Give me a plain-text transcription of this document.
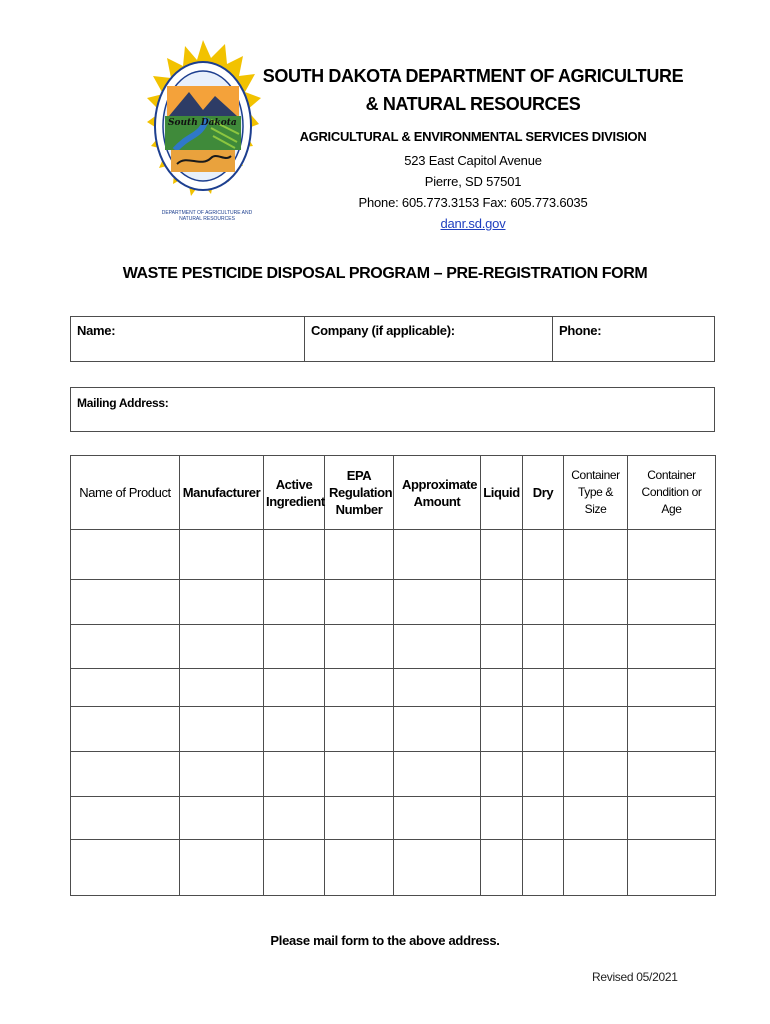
South Dakota
DEPARTMENT OF AGRICULTURE AND NATURAL RESOURCES
SOUTH DAKOTA DEPARTMENT OF AGRICULTURE
& NATURAL RESOURCES
AGRICULTURAL & ENVIRONMENTAL SERVICES DIVISION
523 East Capitol Avenue
Pierre, SD 57501
Phone: 605.773.3153 Fax: 605.773.6035
danr.sd.gov
WASTE PESTICIDE DISPOSAL PROGRAM – PRE-REGISTRATION FORM
Name:	Company (if applicable):	Phone:
Mailing Address:
Name of Product	Manufacturer	Active Ingredient	EPA Regulation Number	Approximate Amount	Liquid	Dry	Container Type & Size	Container Condition or Age

Please mail form to the above address.
Revised 05/2021
